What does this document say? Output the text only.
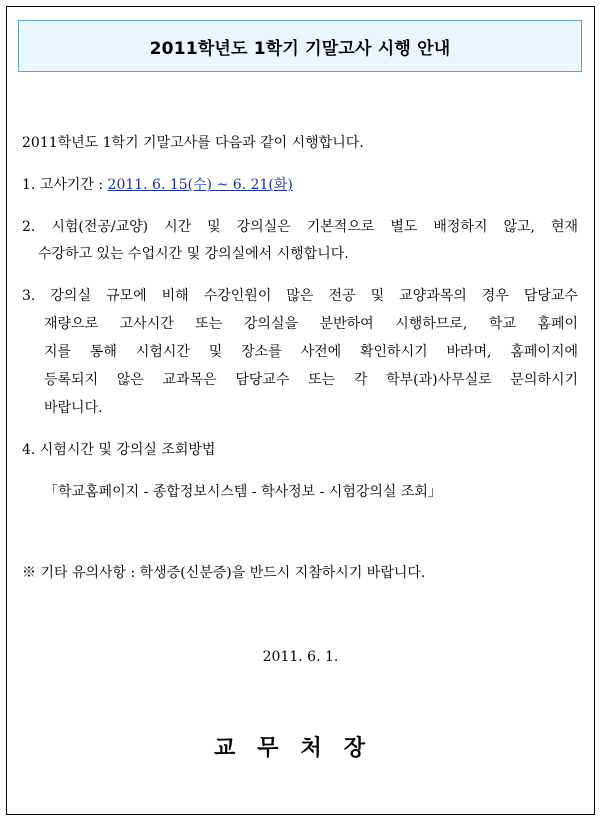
2011학년도 1학기 기말고사 시행 안내
2011학년도 1학기 기말고사를 다음과 같이 시행합니다.
1. 고사기간 : 2011. 6. 15(수) ~ 6. 21(화)
2. 시험(전공/교양) 시간 및 강의실은 기본적으로 별도 배정하지 않고, 현재
수강하고 있는 수업시간 및 강의실에서 시행합니다.
3. 강의실 규모에 비해 수강인원이 많은 전공 및 교양과목의 경우 담당교수
재량으로 고사시간 또는 강의실을 분반하여 시행하므로, 학교 홈페이
지를 통해 시험시간 및 장소를 사전에 확인하시기 바라며, 홈페이지에
등록되지 않은 교과목은 담당교수 또는 각 학부(과)사무실로 문의하시기
바랍니다.
4. 시험시간 및 강의실 조회방법
「학교홈페이지 - 종합정보시스템 - 학사정보 - 시험강의실 조회」
※ 기타 유의사항 : 학생증(신분증)을 반드시 지참하시기 바랍니다.
2011. 6. 1.
교무처장
